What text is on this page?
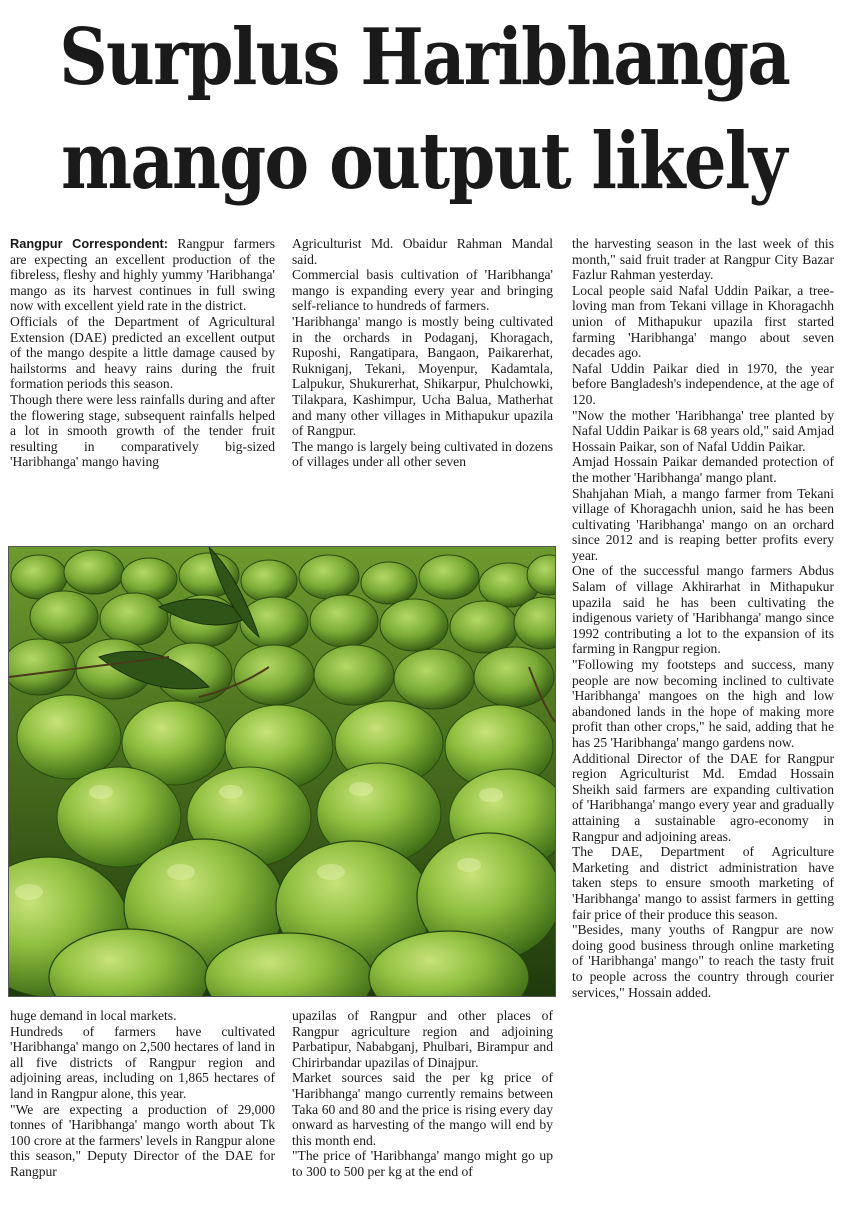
Surplus Haribhanga
mango output likely

Rangpur Correspondent: Rangpur farmers are expecting an excellent production of the fibreless, fleshy and highly yummy 'Haribhanga' mango as its harvest continues in full swing now with excellent yield rate in the district.

Officials of the Department of Agricultural Extension (DAE) predicted an excellent output of the mango despite a little damage caused by hailstorms and heavy rains during the fruit formation periods this season.

Though there were less rainfalls during and after the flowering stage, subsequent rainfalls helped a lot in smooth growth of the tender fruit resulting in comparatively big-sized 'Haribhanga' mango having

Agriculturist Md. Obaidur Rahman Mandal said.

Commercial basis cultivation of 'Haribhanga' mango is expanding every year and bringing self-reliance to hundreds of farmers.

'Haribhanga' mango is mostly being cultivated in the orchards in Podaganj, Khoragach, Ruposhi, Rangatipara, Bangaon, Paikarerhat, Rukniganj, Tekani, Moyenpur, Kadamtala, Lalpukur, Shukurerhat, Shikarpur, Phulchowki, Tilakpara, Kashimpur, Ucha Balua, Matherhat and many other villages in Mithapukur upazila of Rangpur.

The mango is largely being cultivated in dozens of villages under all other seven

the harvesting season in the last week of this month," said fruit trader at Rangpur City Bazar Fazlur Rahman yesterday.

Local people said Nafal Uddin Paikar, a tree-loving man from Tekani village in Khoragachh union of Mithapukur upazila first started farming 'Haribhanga' mango about seven decades ago.

Nafal Uddin Paikar died in 1970, the year before Bangladesh's independence, at the age of 120.

"Now the mother 'Haribhanga' tree planted by Nafal Uddin Paikar is 68 years old," said Amjad Hossain Paikar, son of Nafal Uddin Paikar.

Amjad Hossain Paikar demanded protection of the mother 'Haribhanga' mango plant.

Shahjahan Miah, a mango farmer from Tekani village of Khoragachh union, said he has been cultivating 'Haribhanga' mango on an orchard since 2012 and is reaping better profits every year.

One of the successful mango farmers Abdus Salam of village Akhirarhat in Mithapukur upazila said he has been cultivating the indigenous variety of 'Haribhanga' mango since 1992 contributing a lot to the expansion of its farming in Rangpur region.

"Following my footsteps and success, many people are now becoming inclined to cultivate 'Haribhanga' mangoes on the high and low abandoned lands in the hope of making more profit than other crops," he said, adding that he has 25 'Haribhanga' mango gardens now.

Additional Director of the DAE for Rangpur region Agriculturist Md. Emdad Hossain Sheikh said farmers are expanding cultivation of 'Haribhanga' mango every year and gradually attaining a sustainable agro-economy in Rangpur and adjoining areas.

The DAE, Department of Agriculture Marketing and district administration have taken steps to ensure smooth marketing of 'Haribhanga' mango to assist farmers in getting fair price of their produce this season.

"Besides, many youths of Rangpur are now doing good business through online marketing of 'Haribhanga' mango" to reach the tasty fruit to people across the country through courier services," Hossain added.

huge demand in local markets.

Hundreds of farmers have cultivated 'Haribhanga' mango on 2,500 hectares of land in all five districts of Rangpur region and adjoining areas, including on 1,865 hectares of land in Rangpur alone, this year.

"We are expecting a production of 29,000 tonnes of 'Haribhanga' mango worth about Tk 100 crore at the farmers' levels in Rangpur alone this season," Deputy Director of the DAE for Rangpur

upazilas of Rangpur and other places of Rangpur agriculture region and adjoining Parbatipur, Nababganj, Phulbari, Birampur and Chirirbandar upazilas of Dinajpur.

Market sources said the per kg price of 'Haribhanga' mango currently remains between Taka 60 and 80 and the price is rising every day onward as harvesting of the mango will end by this month end.

"The price of 'Haribhanga' mango might go up to 300 to 500 per kg at the end of
